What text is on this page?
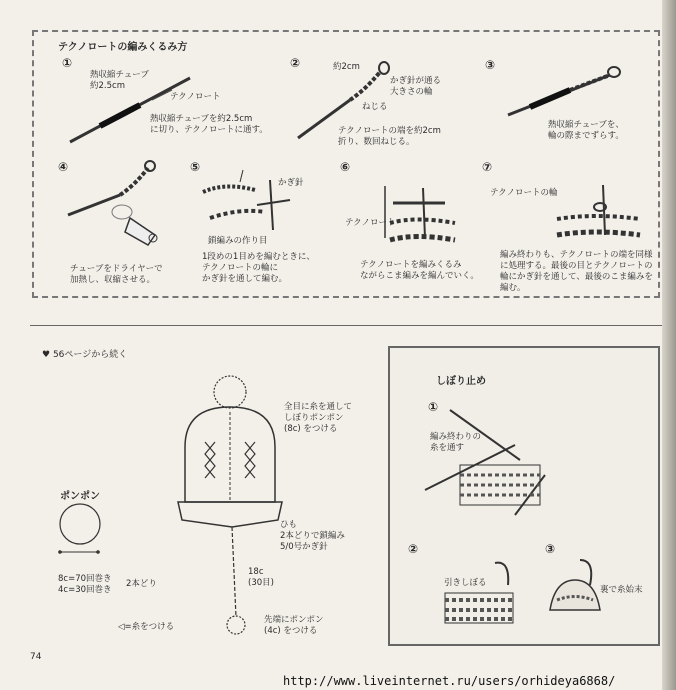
テクノロートの編みくるみ方
①
熱収縮チューブ
約2.5cm
テクノロート
熱収縮チューブを約2.5cm
に切り、テクノロートに通す。
②	約2cm
かぎ針が通る
大きさの輪
ねじる
テクノロートの端を約2cm
折り、数回ねじる。
③
熱収縮チューブを、
輪の際までずらす。
④
チューブをドライヤーで
加熱し、収縮させる。
⑤
かぎ針
鎖編みの作り目
1段めの1目めを編むときに、
テクノロートの輪に
かぎ針を通して編む。
⑥
テクノロート
テクノロートを編みくるみ
ながらこま編みを編んでいく。
⑦
テクノロートの輪
編み終わりも、テクノロートの端を同様
に処理する。最後の目とテクノロートの
輪にかぎ針を通して、最後のこま編みを
編む。
♥ 56ページから続く
全目に糸を通して
しぼりポンポン
(8c) をつける
ひも
2本どりで鎖編み
5/0号かぎ針
18c
(30目)
先端にポンポン
(4c) をつける
ポンポン
8c=70回巻き
4c=30回巻き
2本どり
◁=糸をつける
しぼり止め
①
編み終わりの
糸を通す
②
引きしぼる
③
裏で糸始末
74
http://www.liveinternet.ru/users/orhideya6868/
